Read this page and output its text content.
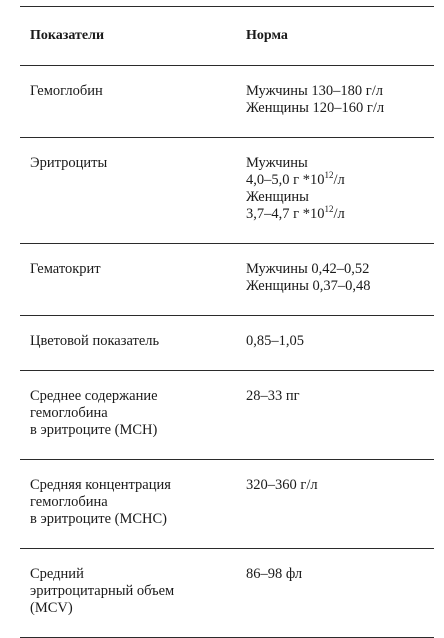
Показатели	Норма

Гемоглобин	Мужчины 130–180 г/л
Женщины 120–160 г/л

Эритроциты	Мужчины
4,0–5,0 г $*10^{12}/л$
Женщины
3,7–4,7 г $*10^{12}/л$

Гематокрит	Мужчины 0,42–0,52
Женщины 0,37–0,48

Цветовой показатель	0,85–1,05

Среднее содержание
гемоглобина
в эритроците (МСН)	28–33 пг

Средняя концентрация
гемоглобина
в эритроците (МСНС)	320–360 г/л

Средний
эритроцитарный объем
(MCV)	86–98 фл
